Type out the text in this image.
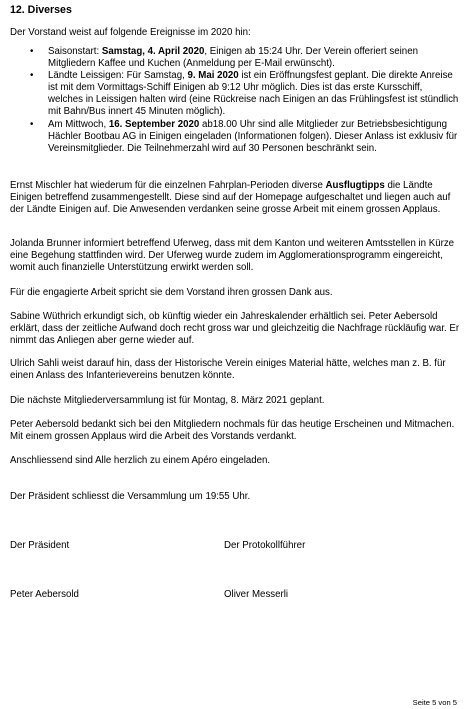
12. Diverses
Der Vorstand weist auf folgende Ereignisse im 2020 hin:
• Saisonstart: Samstag, 4. April 2020, Einigen ab 15:24 Uhr. Der Verein offeriert seinen Mitgliedern Kaffee und Kuchen (Anmeldung per E-Mail erwünscht).
• Ländte Leissigen: Für Samstag, 9. Mai 2020 ist ein Eröffnungsfest geplant. Die direkte Anreise ist mit dem Vormittags-Schiff Einigen ab 9:12 Uhr möglich. Dies ist das erste Kursschiff, welches in Leissigen halten wird (eine Rückreise nach Einigen an das Frühlingsfest ist stündlich mit Bahn/Bus innert 45 Minuten möglich).
• Am Mittwoch, 16. September 2020 ab18.00 Uhr sind alle Mitglieder zur Betriebsbesichtigung Hächler Bootbau AG in Einigen eingeladen (Informationen folgen). Dieser Anlass ist exklusiv für Vereinsmitglieder. Die Teilnehmerzahl wird auf 30 Personen beschränkt sein.
Ernst Mischler hat wiederum für die einzelnen Fahrplan-Perioden diverse Ausflugtipps die Ländte Einigen betreffend zusammengestellt. Diese sind auf der Homepage aufgeschaltet und liegen auch auf der Ländte Einigen auf. Die Anwesenden verdanken seine grosse Arbeit mit einem grossen Applaus.
Jolanda Brunner informiert betreffend Uferweg, dass mit dem Kanton und weiteren Amtsstellen in Kürze eine Begehung stattfinden wird. Der Uferweg wurde zudem im Agglomerationsprogramm eingereicht, womit auch finanzielle Unterstützung erwirkt werden soll.
Für die engagierte Arbeit spricht sie dem Vorstand ihren grossen Dank aus.
Sabine Wüthrich erkundigt sich, ob künftig wieder ein Jahreskalender erhältlich sei. Peter Aebersold erklärt, dass der zeitliche Aufwand doch recht gross war und gleichzeitig die Nachfrage rückläufig war. Er nimmt das Anliegen aber gerne wieder auf.
Ulrich Sahli weist darauf hin, dass der Historische Verein einiges Material hätte, welches man z. B. für einen Anlass des Infanterievereins benutzen könnte.
Die nächste Mitgliederversammlung ist für Montag, 8. März 2021 geplant.
Peter Aebersold bedankt sich bei den Mitgliedern nochmals für das heutige Erscheinen und Mitmachen. Mit einem grossen Applaus wird die Arbeit des Vorstands verdankt.
Anschliessend sind Alle herzlich zu einem Apéro eingeladen.
Der Präsident schliesst die Versammlung um 19:55 Uhr.
Der Präsident	Der Protokollführer
Peter Aebersold	Oliver Messerli
Seite 5 von 5
